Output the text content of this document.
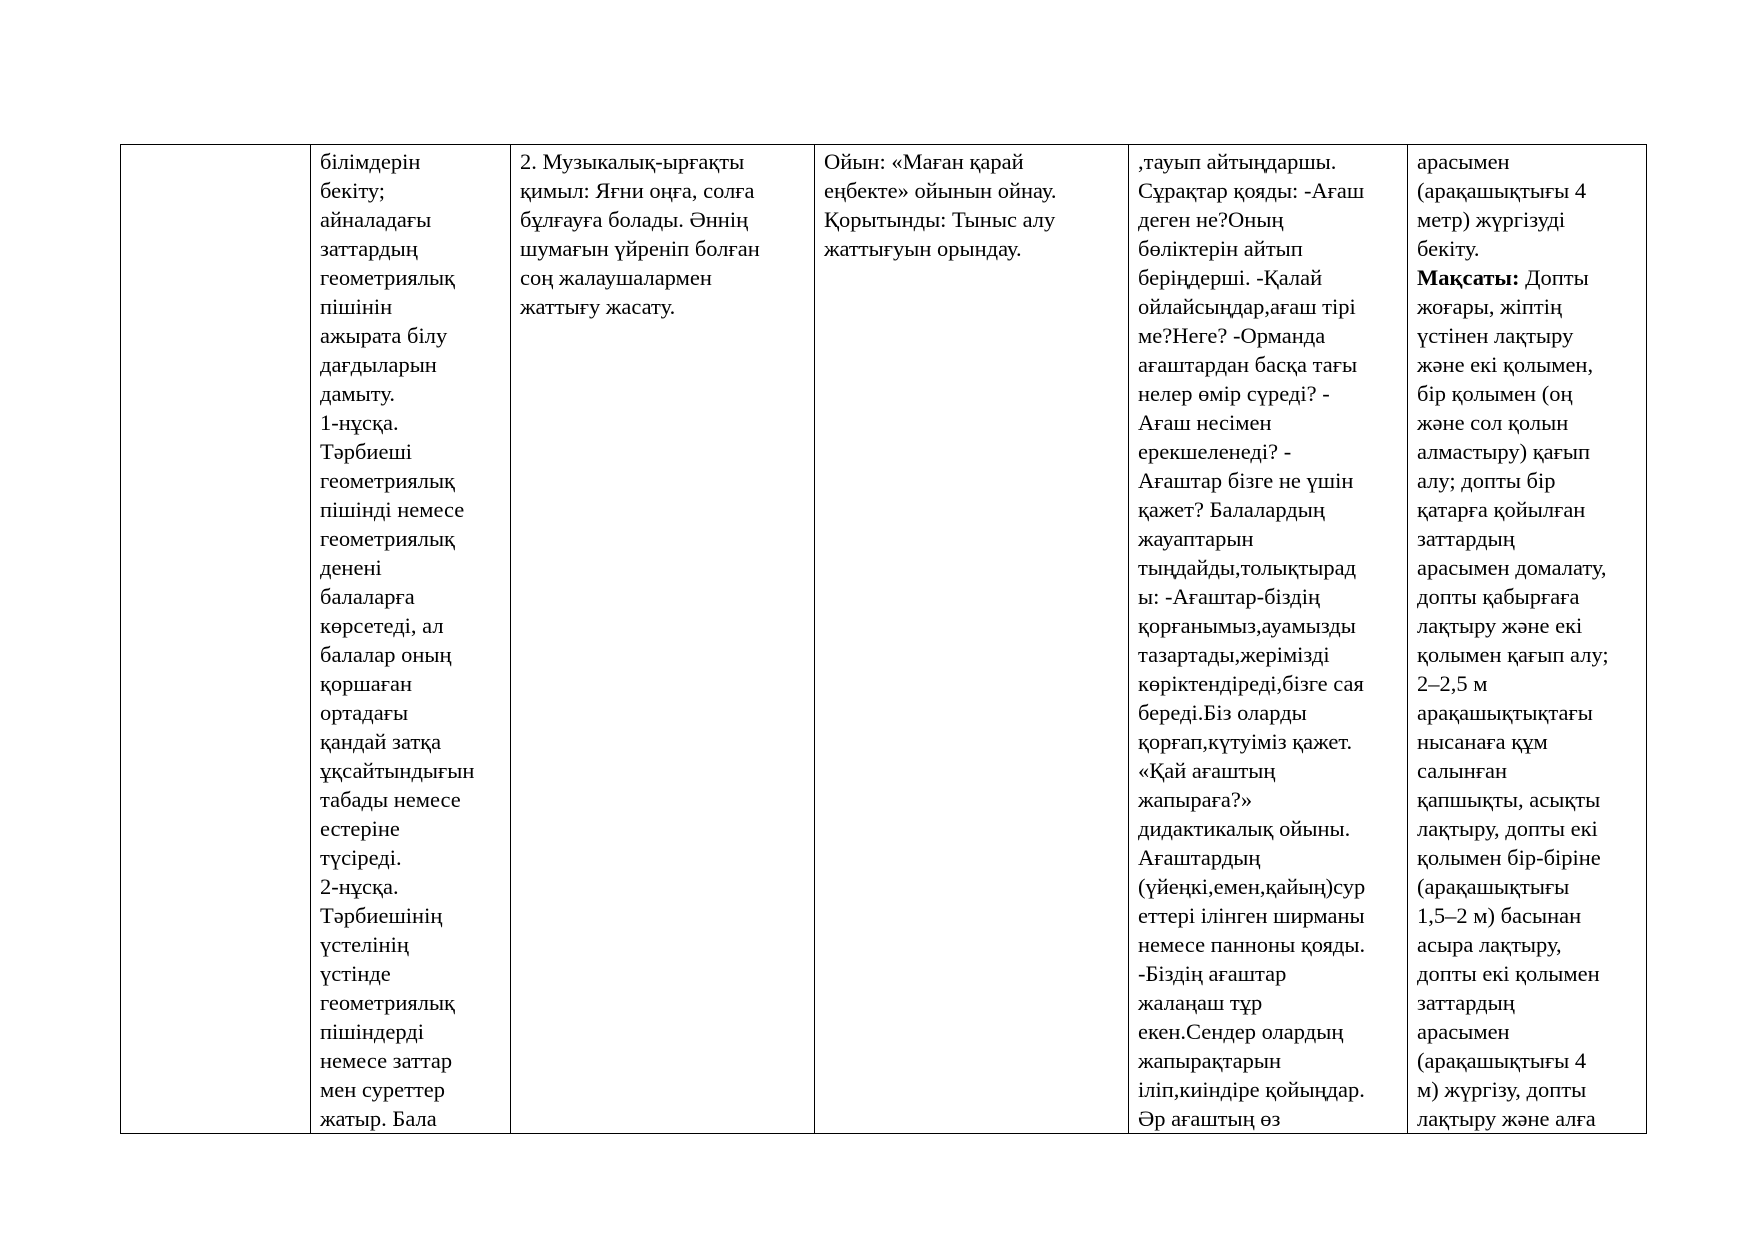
білімдерін
бекіту;
айналадағы
заттардың
геометриялық
пішінін
ажырата білу
дағдыларын
дамыту.
1-нұсқа.
Тәрбиеші
геометриялық
пішінді немесе
геометриялық
денені
балаларға
көрсетеді, ал
балалар оның
қоршаған
ортадағы
қандай затқа
ұқсайтындығын
табады немесе
естеріне
түсіреді.
2-нұсқа.
Тәрбиешінің
үстелінің
үстінде
геометриялық
пішіндерді
немесе заттар
мен суреттер
жатыр. Бала

2. Музыкалық-ырғақты
қимыл: Яғни оңға, солға
бұлғауға болады. Әннің
шумағын үйреніп болған
соң жалаушалармен
жаттығу жасату.

Ойын: «Маған қарай
еңбекте» ойынын ойнау.
Қорытынды: Тыныс алу
жаттығуын орындау.

,тауып айтыңдаршы.
Сұрақтар қояды: -Ағаш
деген не?Оның
бөліктерін айтып
беріңдерші. -Қалай
ойлайсыңдар,ағаш тірі
ме?Неге? -Орманда
ағаштардан басқа тағы
нелер өмір сүреді? -
Ағаш несімен
ерекшеленеді? -
Ағаштар бізге не үшін
қажет? Балалардың
жауаптарын
тыңдайды,толықтырад
ы: -Ағаштар-біздің
қорғанымыз,ауамызды
тазартады,жерімізді
көріктендіреді,бізге сая
береді.Біз оларды
қорғап,күтуіміз қажет.
«Қай ағаштың
жапыраға?»
дидактикалық ойыны.
Ағаштардың
(үйеңкі,емен,қайың)сур
еттері ілінген ширманы
немесе панноны қояды.
-Біздің ағаштар
жалаңаш тұр
екен.Сендер олардың
жапырақтарын
іліп,киіндіре қойыңдар.
Әр ағаштың өз

арасымен
(арақашықтығы 4
метр) жүргізуді
бекіту.
Мақсаты: Допты
жоғары, жіптің
үстінен лақтыру
және екі қолымен,
бір қолымен (оң
және сол қолын
алмастыру) қағып
алу; допты бір
қатарға қойылған
заттардың
арасымен домалату,
допты қабырғаға
лақтыру және екі
қолымен қағып алу;
2–2,5 м
арақашықтықтағы
нысанаға құм
салынған
қапшықты, асықты
лақтыру, допты екі
қолымен бір-біріне
(арақашықтығы
1,5–2 м) басынан
асыра лақтыру,
допты екі қолымен
заттардың
арасымен
(арақашықтығы 4
м) жүргізу, допты
лақтыру және алға
